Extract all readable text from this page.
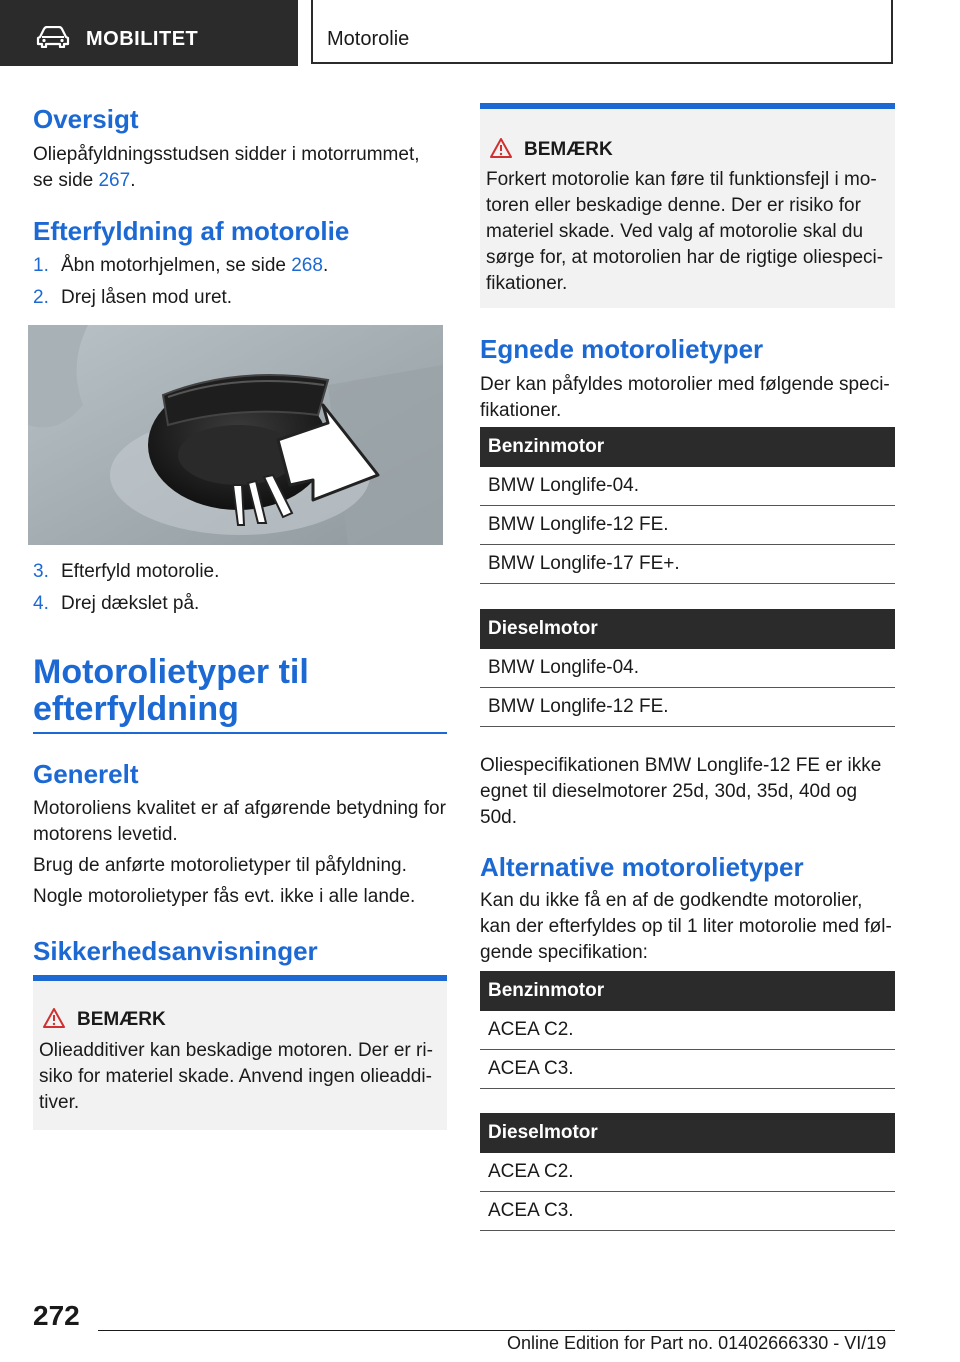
MOBILITET	Motorolie
Oversigt
Oliepåfyldningsstudsen sidder i motorrummet,
se side 267.
Efterfyldning af motorolie
1. Åbn motorhjelmen, se side 268.
2. Drej låsen mod uret.
3. Efterfyld motorolie.
4. Drej dækslet på.
Motorolietyper til
efterfyldning
Generelt
Motoroliens kvalitet er af afgørende betydning for
motorens levetid.
Brug de anførte motorolietyper til påfyldning.
Nogle motorolietyper fås evt. ikke i alle lande.
Sikkerhedsanvisninger
BEMÆRK
Olieadditiver kan beskadige motoren. Der er ri-
siko for materiel skade. Anvend ingen olieaddi-
tiver.
BEMÆRK
Forkert motorolie kan føre til funktionsfejl i mo-
toren eller beskadige denne. Der er risiko for
materiel skade. Ved valg af motorolie skal du
sørge for, at motorolien har de rigtige oliespeci-
fikationer.
Egnede motorolietyper
Der kan påfyldes motorolier med følgende speci-
fikationer.
Benzinmotor
BMW Longlife-04.
BMW Longlife-12 FE.
BMW Longlife-17 FE+.
Dieselmotor
BMW Longlife-04.
BMW Longlife-12 FE.
Oliespecifikationen BMW Longlife-12 FE er ikke
egnet til dieselmotorer 25d, 30d, 35d, 40d og
50d.
Alternative motorolietyper
Kan du ikke få en af de godkendte motorolier,
kan der efterfyldes op til 1 liter motorolie med føl-
gende specifikation:
Benzinmotor
ACEA C2.
ACEA C3.
Dieselmotor
ACEA C2.
ACEA C3.
272
Online Edition for Part no. 01402666330 - VI/19
